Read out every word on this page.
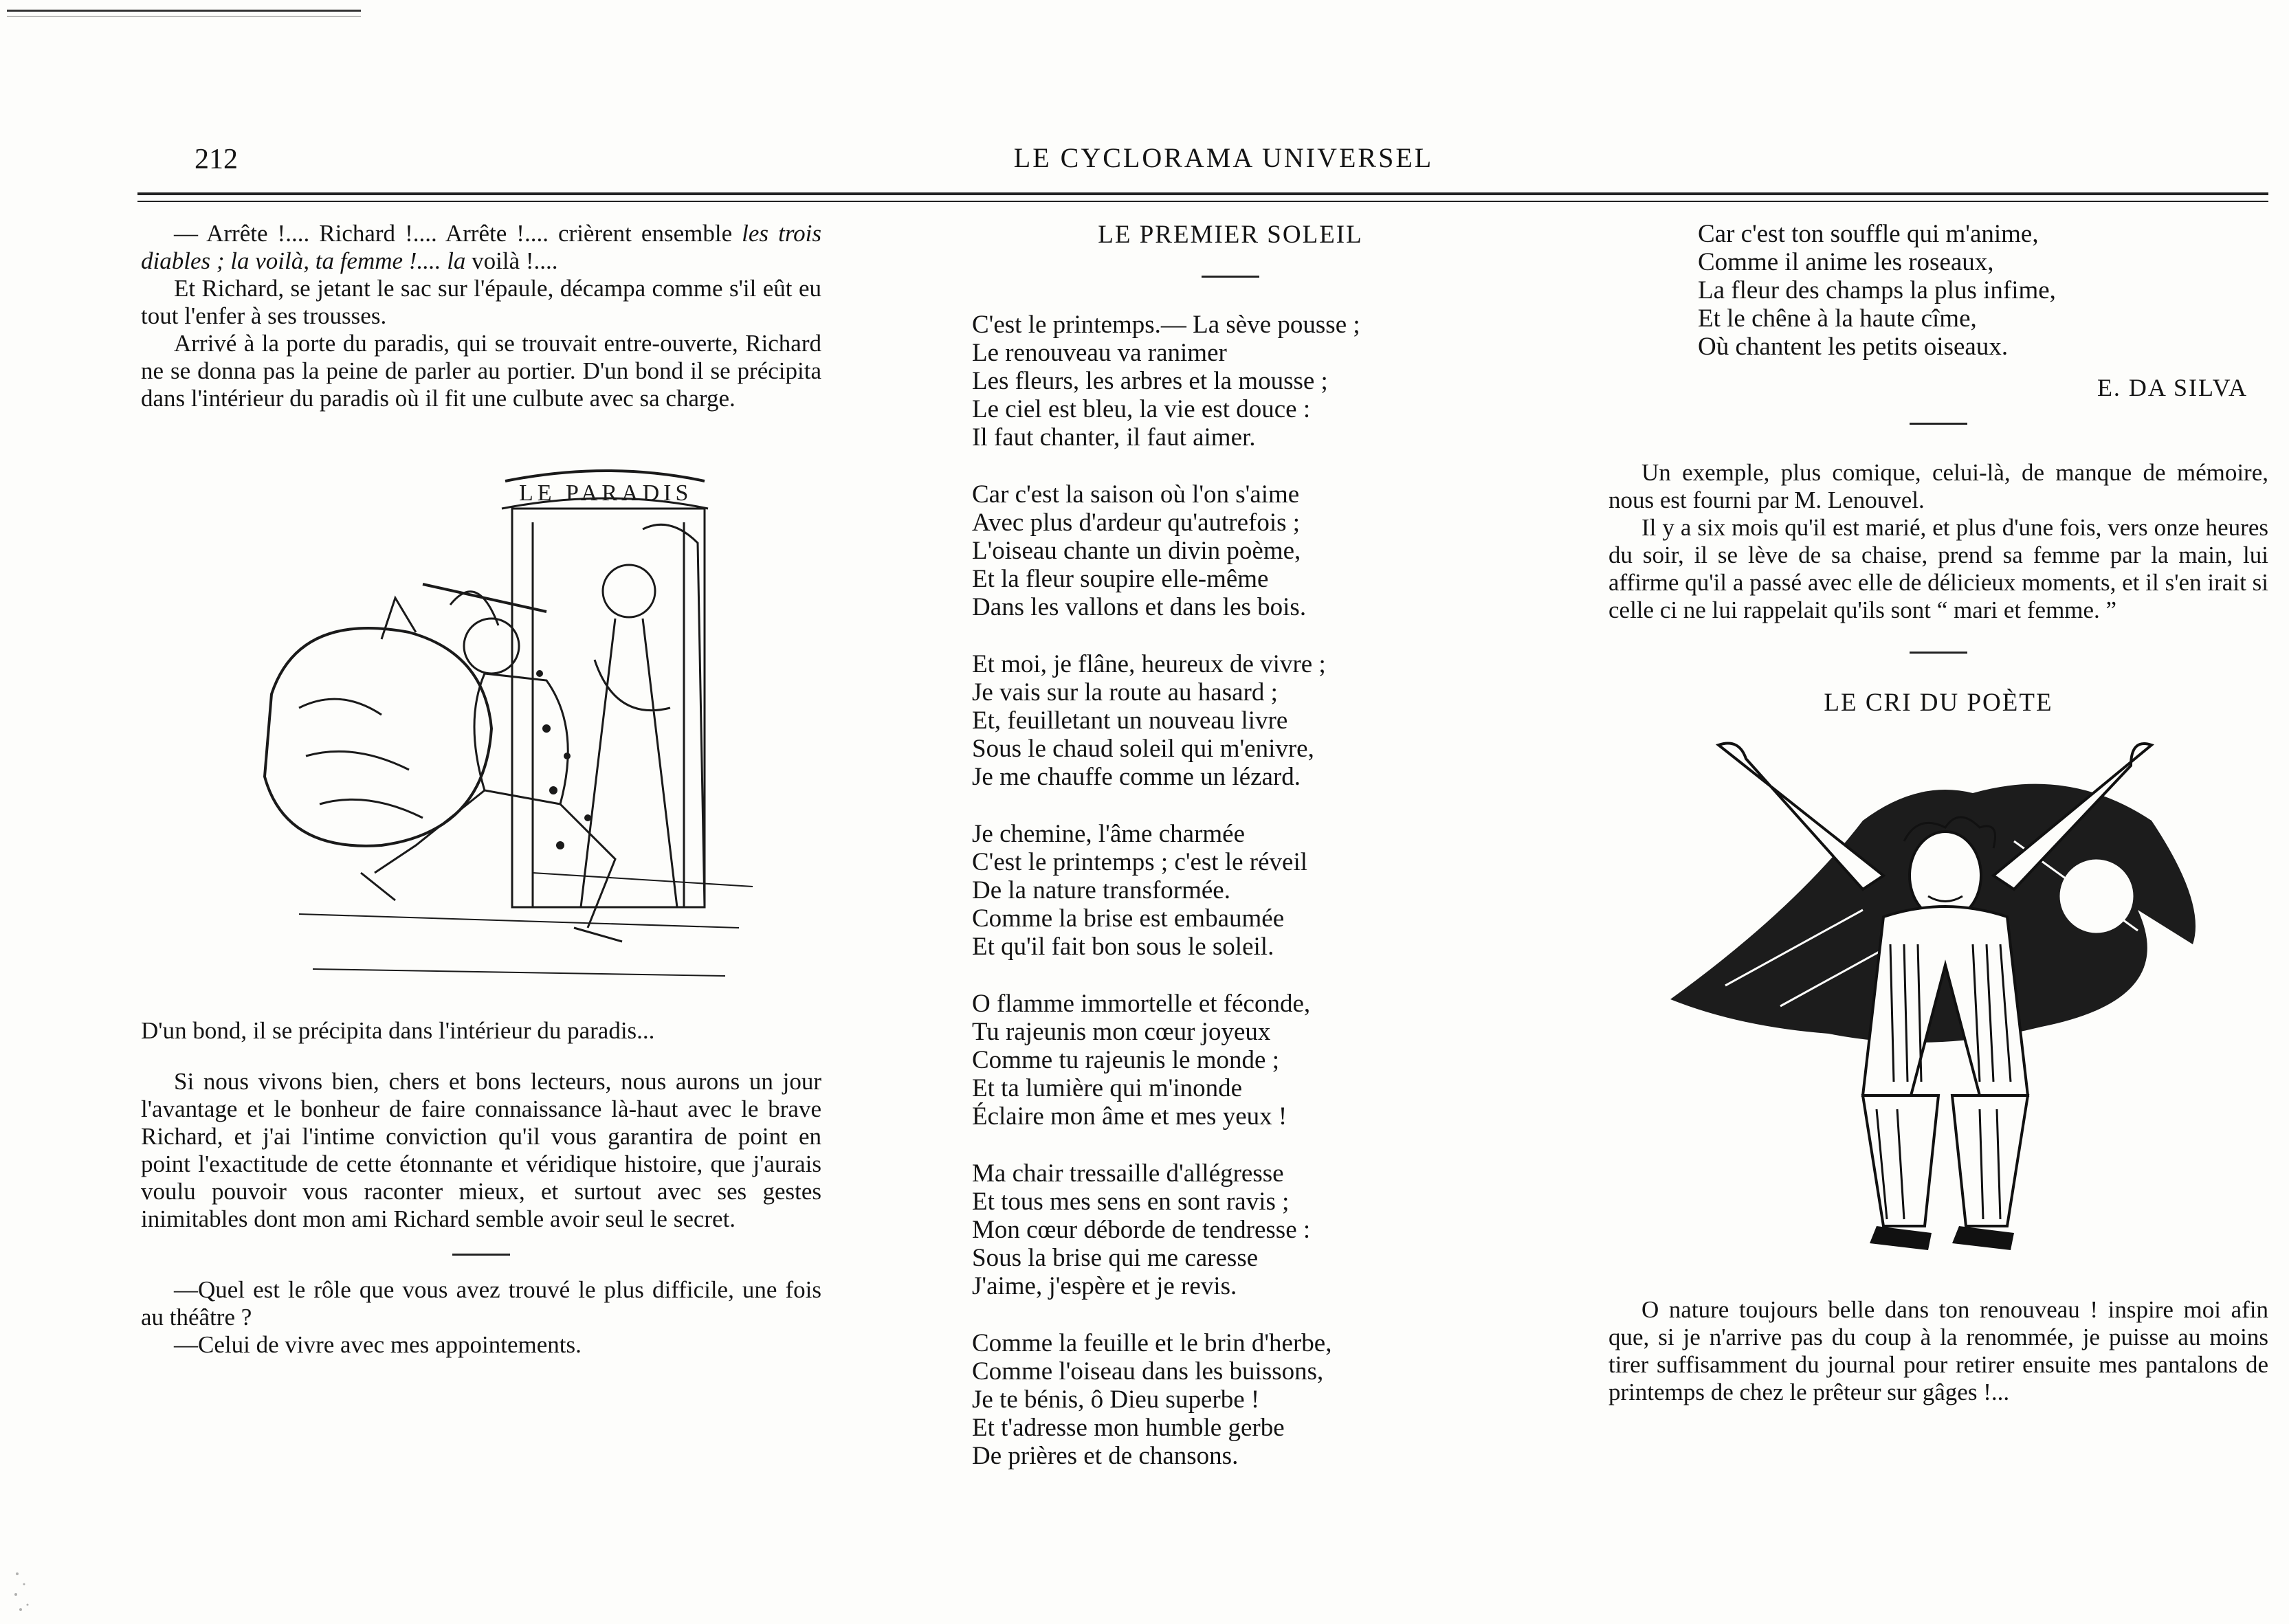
212	LE CYCLORAMA UNIVERSEL

— Arrête !.... Richard !.... Arrête !.... crièrent ensemble les trois diables ; la voilà, ta femme !.... la voilà !....

Et Richard, se jetant le sac sur l'épaule, décampa comme s'il eût eu tout l'enfer à ses trousses.

Arrivé à la porte du paradis, qui se trouvait entre-ouverte, Richard ne se donna pas la peine de parler au portier. D'un bond il se précipita dans l'intérieur du paradis où il fit une culbute avec sa charge.

LE PARADIS

D'un bond, il se précipita dans l'intérieur du paradis...

Si nous vivons bien, chers et bons lecteurs, nous aurons un jour l'avantage et le bonheur de faire connaissance là-haut avec le brave Richard, et j'ai l'intime conviction qu'il vous garantira de point en point l'exactitude de cette étonnante et véridique histoire, que j'aurais voulu pouvoir vous raconter mieux, et surtout avec ses gestes inimitables dont mon ami Richard semble avoir seul le secret.

—Quel est le rôle que vous avez trouvé le plus difficile, une fois au théâtre ?

—Celui de vivre avec mes appointements.

LE PREMIER SOLEIL

C'est le printemps.— La sève pousse ;
Le renouveau va ranimer
Les fleurs, les arbres et la mousse ;
Le ciel est bleu, la vie est douce :
Il faut chanter, il faut aimer.
Car c'est la saison où l'on s'aime
Avec plus d'ardeur qu'autrefois ;
L'oiseau chante un divin poème,
Et la fleur soupire elle-même
Dans les vallons et dans les bois.
Et moi, je flâne, heureux de vivre ;
Je vais sur la route au hasard ;
Et, feuilletant un nouveau livre
Sous le chaud soleil qui m'enivre,
Je me chauffe comme un lézard.
Je chemine, l'âme charmée
C'est le printemps ; c'est le réveil
De la nature transformée.
Comme la brise est embaumée
Et qu'il fait bon sous le soleil.
O flamme immortelle et féconde,
Tu rajeunis mon cœur joyeux
Comme tu rajeunis le monde ;
Et ta lumière qui m'inonde
Éclaire mon âme et mes yeux !
Ma chair tressaille d'allégresse
Et tous mes sens en sont ravis ;
Mon cœur déborde de tendresse :
Sous la brise qui me caresse
J'aime, j'espère et je revis.
Comme la feuille et le brin d'herbe,
Comme l'oiseau dans les buissons,
Je te bénis, ô Dieu superbe !
Et t'adresse mon humble gerbe
De prières et de chansons.
Car c'est ton souffle qui m'anime,
Comme il anime les roseaux,
La fleur des champs la plus infime,
Et le chêne à la haute cîme,
Où chantent les petits oiseaux.

E. DA SILVA

Un exemple, plus comique, celui-là, de manque de mémoire, nous est fourni par M. Lenouvel.

Il y a six mois qu'il est marié, et plus d'une fois, vers onze heures du soir, il se lève de sa chaise, prend sa femme par la main, lui affirme qu'il a passé avec elle de délicieux moments, et il s'en irait si celle ci ne lui rappelait qu'ils sont “ mari et femme. ”

LE CRI DU POÈTE

O nature toujours belle dans ton renouveau ! inspire moi afin que, si je n'arrive pas du coup à la renommée, je puisse au moins tirer suffisamment du journal pour retirer ensuite mes pantalons de printemps de chez le prêteur sur gâges !...
